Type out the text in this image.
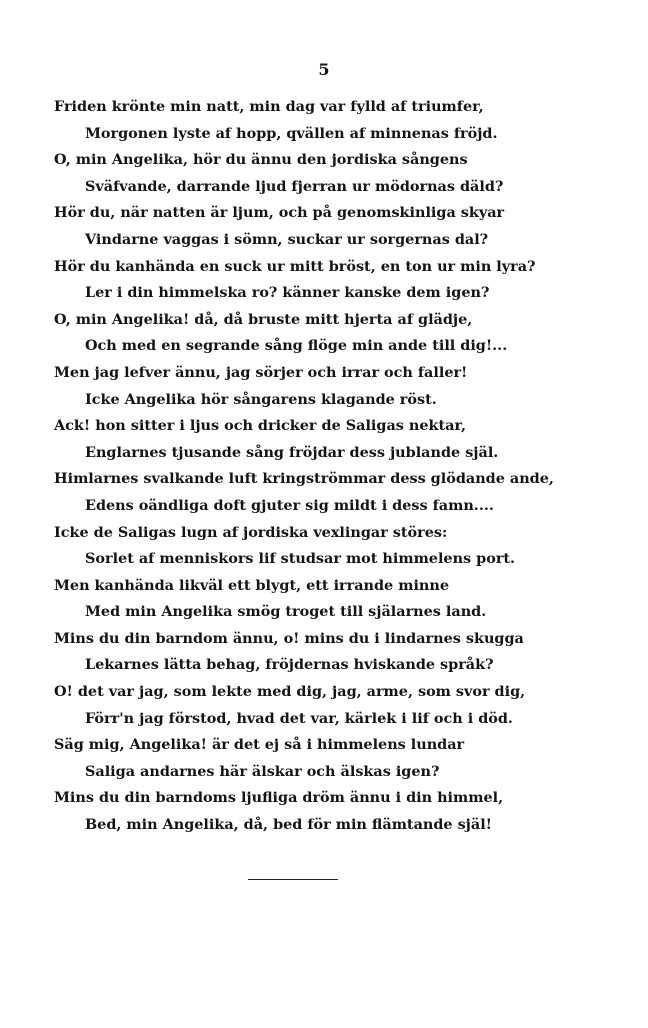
5
Friden krönte min natt, min dag var fylld af triumfer,
Morgonen lyste af hopp, qvällen af minnenas fröjd.
O, min Angelika, hör du ännu den jordiska sångens
Sväfvande, darrande ljud fjerran ur mödornas däld?
Hör du, när natten är ljum, och på genomskinliga skyar
Vindarne vaggas i sömn, suckar ur sorgernas dal?
Hör du kanhända en suck ur mitt bröst, en ton ur min lyra?
Ler i din himmelska ro? känner kanske dem igen?
O, min Angelika! då, då bruste mitt hjerta af glädje,
Och med en segrande sång flöge min ande till dig!...
Men jag lefver ännu, jag sörjer och irrar och faller!
Icke Angelika hör sångarens klagande röst.
Ack! hon sitter i ljus och dricker de Saligas nektar,
Englarnes tjusande sång fröjdar dess jublande själ.
Himlarnes svalkande luft kringströmmar dess glödande ande,
Edens oändliga doft gjuter sig mildt i dess famn....
Icke de Saligas lugn af jordiska vexlingar störes:
Sorlet af menniskors lif studsar mot himmelens port.
Men kanhända likväl ett blygt, ett irrande minne
Med min Angelika smög troget till själarnes land.
Mins du din barndom ännu, o! mins du i lindarnes skugga
Lekarnes lätta behag, fröjdernas hviskande språk?
O! det var jag, som lekte med dig, jag, arme, som svor dig,
Förr'n jag förstod, hvad det var, kärlek i lif och i död.
Säg mig, Angelika! är det ej så i himmelens lundar
Saliga andarnes här älskar och älskas igen?
Mins du din barndoms ljufliga dröm ännu i din himmel,
Bed, min Angelika, då, bed för min flämtande själ!
